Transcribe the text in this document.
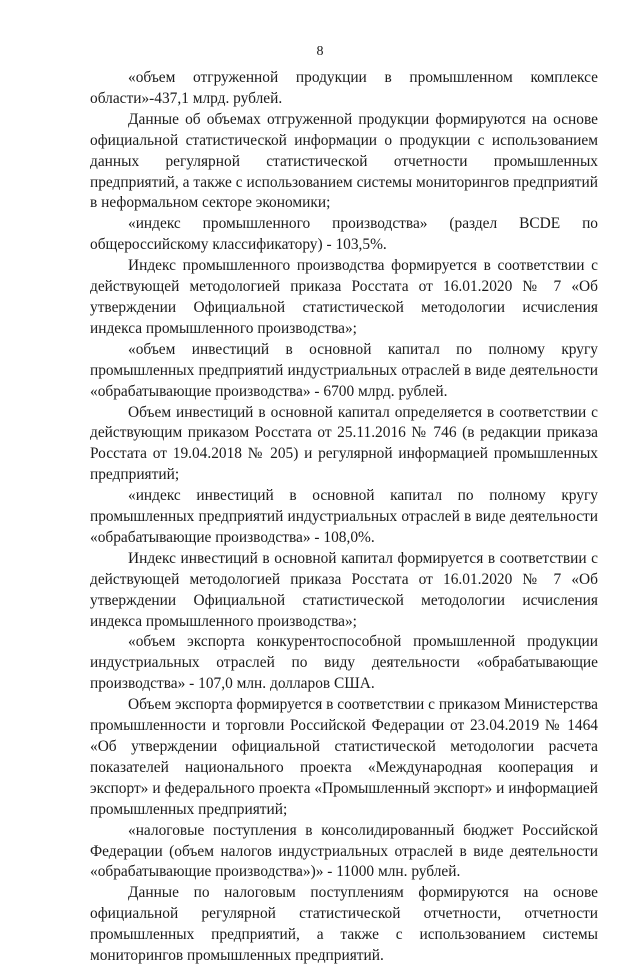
8

«объем отгруженной продукции в промышленном комплексе области»-437,1 млрд. рублей.

Данные об объемах отгруженной продукции формируются на основе официальной статистической информации о продукции с использованием данных регулярной статистической отчетности промышленных предприятий, а также с использованием системы мониторингов предприятий в неформальном секторе экономики;

«индекс промышленного производства» (раздел BCDE по общероссийскому классификатору) - 103,5%.

Индекс промышленного производства формируется в соответствии с действующей методологией приказа Росстата от 16.01.2020 № 7 «Об утверждении Официальной статистической методологии исчисления индекса промышленного производства»;

«объем инвестиций в основной капитал по полному кругу промышленных предприятий индустриальных отраслей в виде деятельности «обрабатывающие производства» - 6700 млрд. рублей.

Объем инвестиций в основной капитал определяется в соответствии с действующим приказом Росстата от 25.11.2016 № 746 (в редакции приказа Росстата от 19.04.2018 № 205) и регулярной информацией промышленных предприятий;

«индекс инвестиций в основной капитал по полному кругу промышленных предприятий индустриальных отраслей в виде деятельности «обрабатывающие производства» - 108,0%.

Индекс инвестиций в основной капитал формируется в соответствии с действующей методологией приказа Росстата от 16.01.2020 № 7 «Об утверждении Официальной статистической методологии исчисления индекса промышленного производства»;

«объем экспорта конкурентоспособной промышленной продукции индустриальных отраслей по виду деятельности «обрабатывающие производства» - 107,0 млн. долларов США.

Объем экспорта формируется в соответствии с приказом Министерства промышленности и торговли Российской Федерации от 23.04.2019 № 1464 «Об утверждении официальной статистической методологии расчета показателей национального проекта «Международная кооперация и экспорт» и федерального проекта «Промышленный экспорт» и информацией промышленных предприятий;

«налоговые поступления в консолидированный бюджет Российской Федерации (объем налогов индустриальных отраслей в виде деятельности «обрабатывающие производства»)» - 11000 млн. рублей.

Данные по налоговым поступлениям формируются на основе официальной регулярной статистической отчетности, отчетности промышленных предприятий, а также с использованием системы мониторингов промышленных предприятий.
